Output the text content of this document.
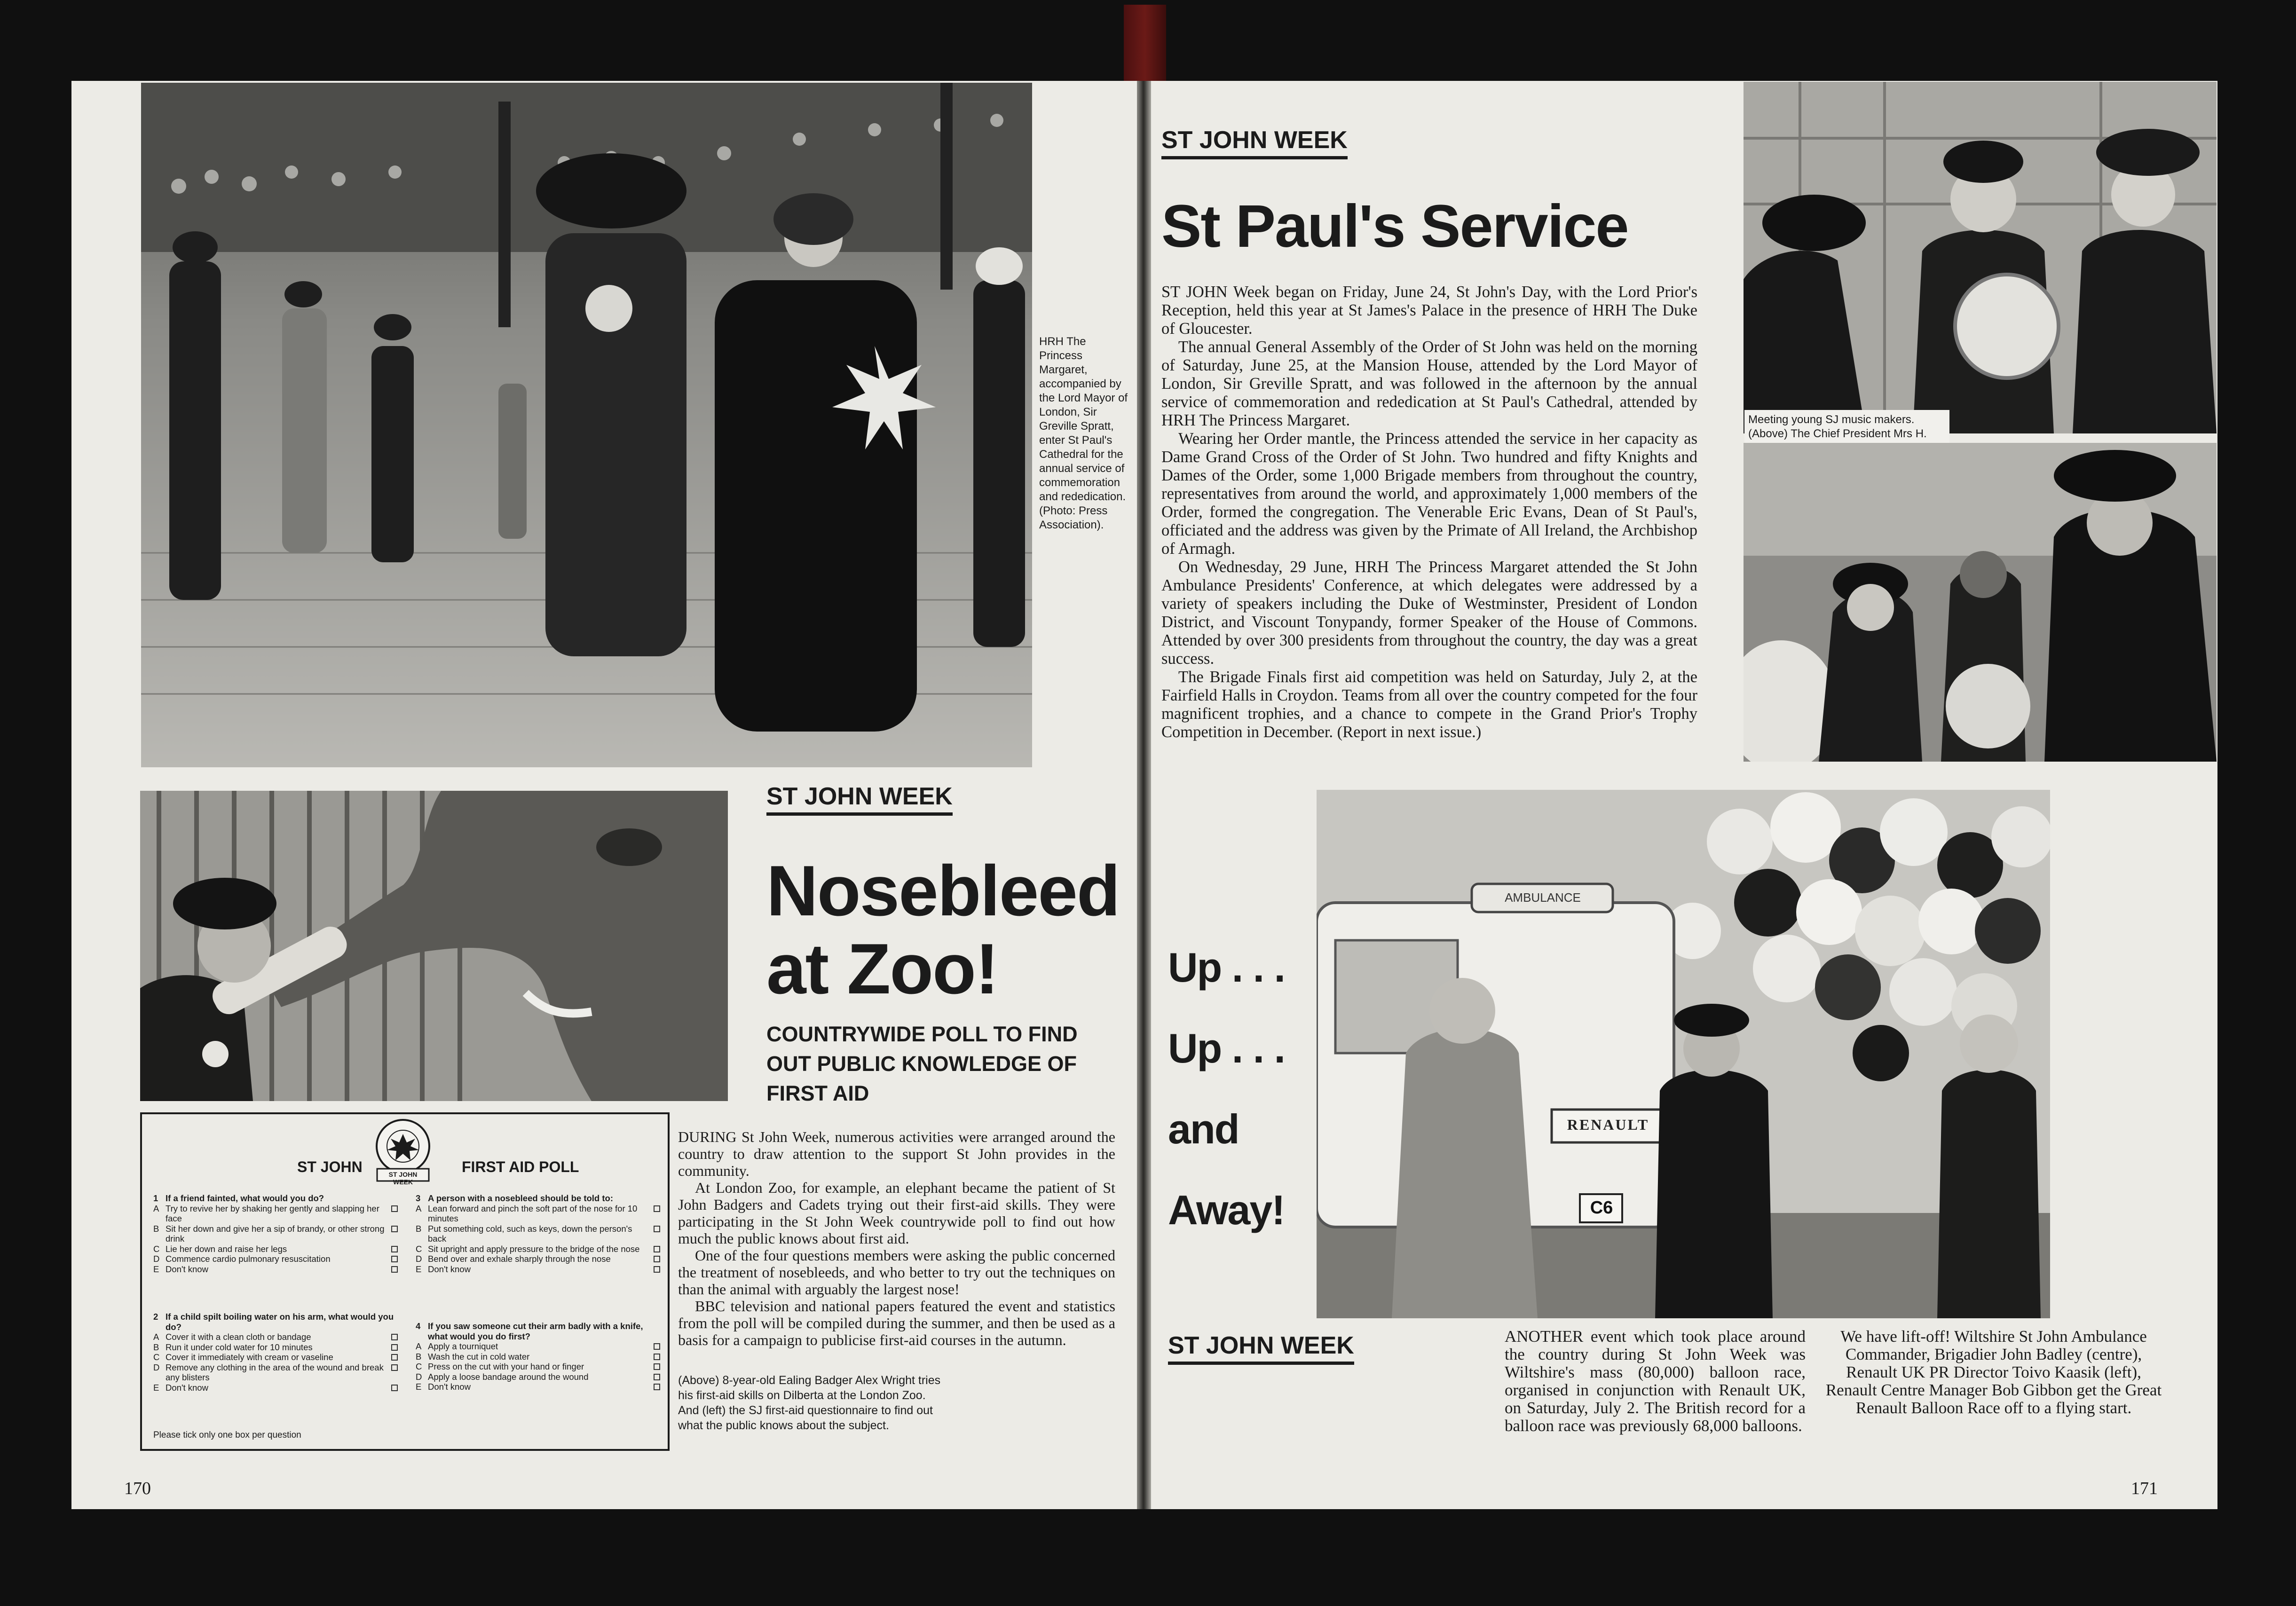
HRH The Princess Margaret, accompanied by the Lord Mayor of London, Sir Greville Spratt, enter St Paul's Cathedral for the annual service of commemoration and rededication. (Photo: Press Association).
ST JOHN WEEK
Nosebleed at Zoo!
COUNTRYWIDE POLL TO FIND OUT PUBLIC KNOWLEDGE OF FIRST AID

DURING St John Week, numerous activities were arranged around the country to draw attention to the support St John provides in the community.

At London Zoo, for example, an elephant became the patient of St John Badgers and Cadets trying out their first-aid skills. They were participating in the St John Week countrywide poll to find out how much the public knows about first aid.

One of the four questions members were asking the public concerned the treatment of nosebleeds, and who better to try out the techniques on than the animal with arguably the largest nose!

BBC television and national papers featured the event and statistics from the poll will be compiled during the summer, and then be used as a basis for a campaign to publicise first-aid courses in the autumn.

(Above) 8-year-old Ealing Badger Alex Wright tries his first-aid skills on Dilberta at the London Zoo. And (left) the SJ first-aid questionnaire to find out what the public knows about the subject.
ST JOHN	FIRST AID POLL
ST JOHN WEEK
1 If a friend fainted, what would you do?
A Try to revive her by shaking her gently and slapping her face
B Sit her down and give her a sip of brandy, or other strong drink
C Lie her down and raise her legs
D Commence cardio pulmonary resuscitation
E Don't know
2 If a child spilt boiling water on his arm, what would you do?
A Cover it with a clean cloth or bandage
B Run it under cold water for 10 minutes
C Cover it immediately with cream or vaseline
D Remove any clothing in the area of the wound and break any blisters
E Don't know
3 A person with a nosebleed should be told to:
A Lean forward and pinch the soft part of the nose for 10 minutes
B Put something cold, such as keys, down the person's back
C Sit upright and apply pressure to the bridge of the nose
D Bend over and exhale sharply through the nose
E Don't know
4 If you saw someone cut their arm badly with a knife, what would you do first?
A Apply a tourniquet
B Wash the cut in cold water
C Press on the cut with your hand or finger
D Apply a loose bandage around the wound
E Don't know
Please tick only one box per question
170
ST JOHN WEEK
St Paul's Service

ST JOHN Week began on Friday, June 24, St John's Day, with the Lord Prior's Reception, held this year at St James's Palace in the presence of HRH The Duke of Gloucester.

The annual General Assembly of the Order of St John was held on the morning of Saturday, June 25, at the Mansion House, attended by the Lord Mayor of London, Sir Greville Spratt, and was followed in the afternoon by the annual service of commemoration and rededication at St Paul's Cathedral, attended by HRH The Princess Margaret.

Wearing her Order mantle, the Princess attended the service in her capacity as Dame Grand Cross of the Order of St John. Two hundred and fifty Knights and Dames of the Order, some 1,000 Brigade members from throughout the country, representatives from around the world, and approximately 1,000 members of the Order, formed the congregation. The Venerable Eric Evans, Dean of St Paul's, officiated and the address was given by the Primate of All Ireland, the Archbishop of Armagh.

On Wednesday, 29 June, HRH The Princess Margaret attended the St John Ambulance Presidents' Conference, at which delegates were addressed by a variety of speakers including the Duke of Westminster, President of London District, and Viscount Tonypandy, former Speaker of the House of Commons. Attended by over 300 presidents from throughout the country, the day was a great success.

The Brigade Finals first aid competition was held on Saturday, July 2, at the Fairfield Halls in Croydon. Teams from all over the country competed for the four magnificent trophies, and a chance to compete in the Grand Prior's Trophy Competition in December. (Report in next issue.)

Meeting young SJ music makers. (Above) The Chief President Mrs H.
AMBULANCE
RENAULT
C6
Up . . .
Up . . .
and
Away!
ST JOHN WEEK	ANOTHER event which took place around the country during St John Week was Wiltshire's mass (80,000) balloon race, organised in conjunction with Renault UK, on Saturday, July 2. The British record for a balloon race was previously 68,000 balloons.

We have lift-off! Wiltshire St John Ambulance Commander, Brigadier John Badley (centre), Renault UK PR Director Toivo Kaasik (left), Renault Centre Manager Bob Gibbon get the Great Renault Balloon Race off to a flying start.

171
